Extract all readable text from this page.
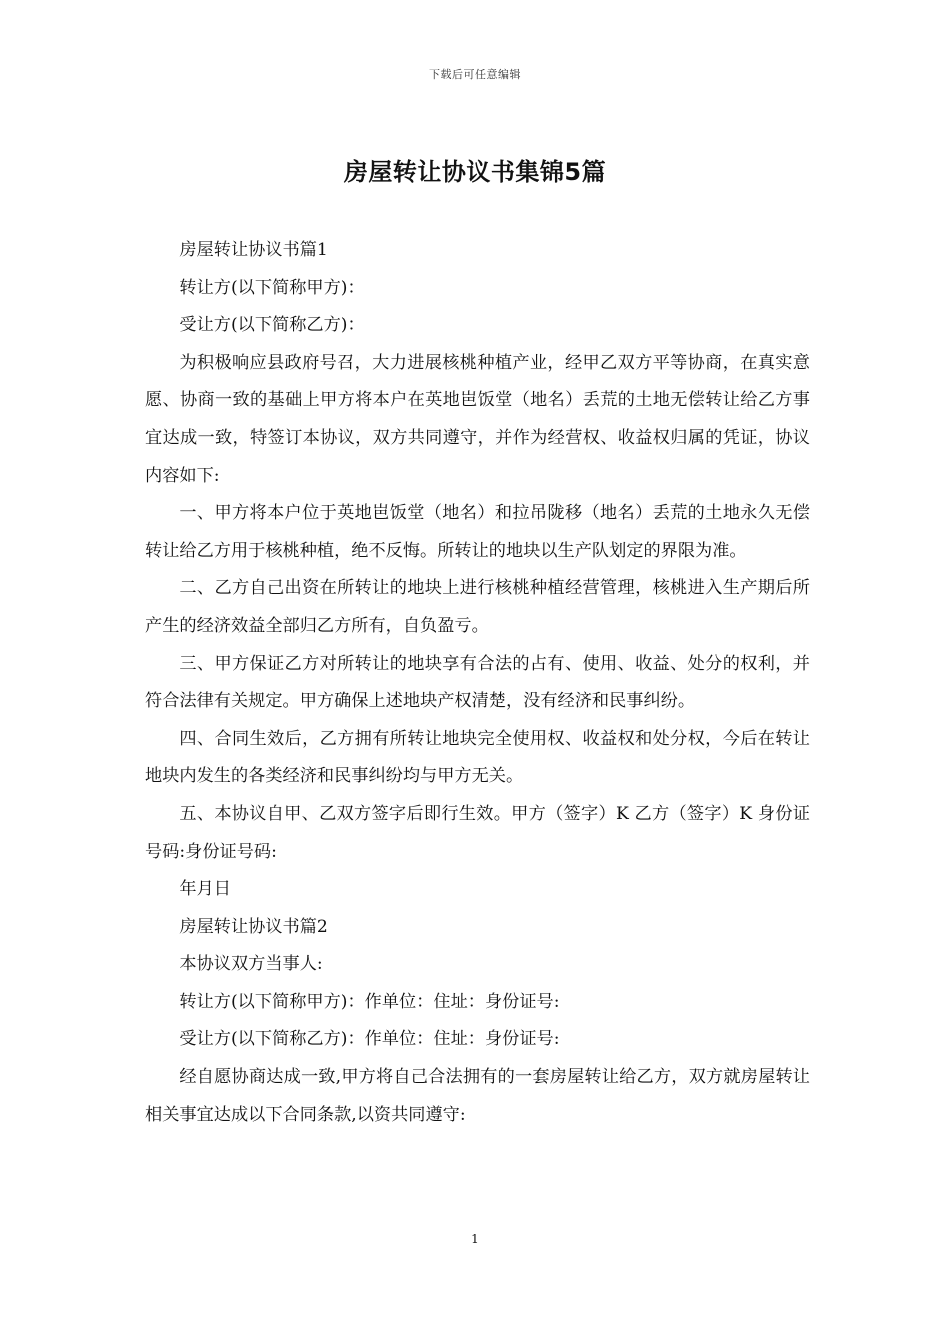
下载后可任意编辑
房屋转让协议书集锦5篇

房屋转让协议书篇1

转让方(以下简称甲方)：

受让方(以下简称乙方)：

为积极响应县政府号召，大力进展核桃种植产业，经甲乙双方平等协商，在真实意愿、协商一致的基础上甲方将本户在英地岜饭堂（地名）丢荒的土地无偿转让给乙方事宜达成一致，特签订本协议，双方共同遵守，并作为经营权、收益权归属的凭证，协议内容如下:

一、甲方将本户位于英地岜饭堂（地名）和拉吊陇移（地名）丢荒的土地永久无偿转让给乙方用于核桃种植，绝不反悔。所转让的地块以生产队划定的界限为准。

二、乙方自己出资在所转让的地块上进行核桃种植经营管理，核桃进入生产期后所产生的经济效益全部归乙方所有，自负盈亏。

三、甲方保证乙方对所转让的地块享有合法的占有、使用、收益、处分的权利，并符合法律有关规定。甲方确保上述地块产权清楚，没有经济和民事纠纷。

四、合同生效后，乙方拥有所转让地块完全使用权、收益权和处分权，今后在转让地块内发生的各类经济和民事纠纷均与甲方无关。

五、本协议自甲、乙双方签字后即行生效。甲方（签字）K 乙方（签字）K 身份证号码:身份证号码:

年月日

房屋转让协议书篇2

本协议双方当事人:

转让方(以下简称甲方)：作单位：住址：身份证号:

受让方(以下简称乙方)：作单位：住址：身份证号:

经自愿协商达成一致,甲方将自己合法拥有的一套房屋转让给乙方，双方就房屋转让相关事宜达成以下合同条款,以资共同遵守:

1
